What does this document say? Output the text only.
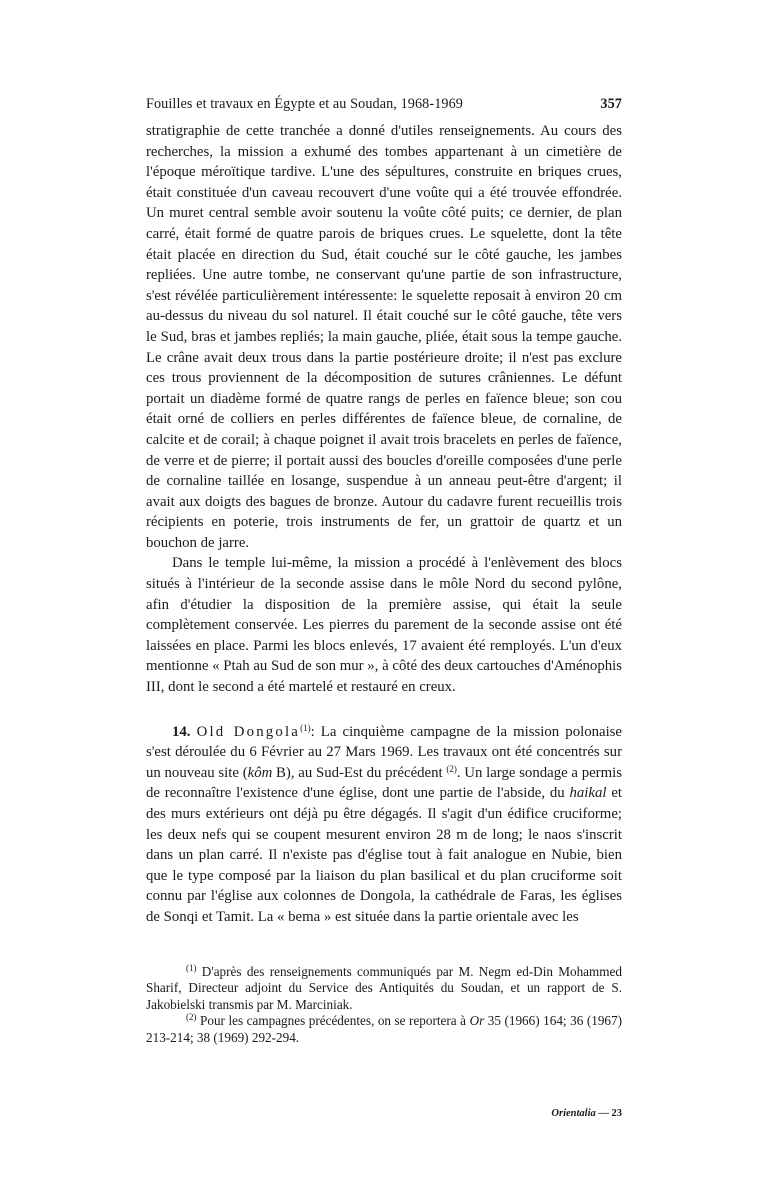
Fouilles et travaux en Égypte et au Soudan, 1968-1969	357

stratigraphie de cette tranchée a donné d'utiles renseignements. Au cours des recherches, la mission a exhumé des tombes appartenant à un cimetière de l'époque méroïtique tardive. L'une des sépultures, construite en briques crues, était constituée d'un caveau recouvert d'une voûte qui a été trouvée effondrée. Un muret central semble avoir soutenu la voûte côté puits; ce dernier, de plan carré, était formé de quatre parois de briques crues. Le squelette, dont la tête était placée en direction du Sud, était couché sur le côté gauche, les jambes repliées. Une autre tombe, ne conservant qu'une partie de son infrastructure, s'est révélée particulièrement intéressente: le squelette reposait à environ 20 cm au-dessus du niveau du sol naturel. Il était couché sur le côté gauche, tête vers le Sud, bras et jambes repliés; la main gauche, pliée, était sous la tempe gauche. Le crâne avait deux trous dans la partie postérieure droite; il n'est pas exclure ces trous proviennent de la décomposition de sutures crâniennes. Le défunt portait un diadème formé de quatre rangs de perles en faïence bleue; son cou était orné de colliers en perles différentes de faïence bleue, de cornaline, de calcite et de corail; à chaque poignet il avait trois bracelets en perles de faïence, de verre et de pierre; il portait aussi des boucles d'oreille composées d'une perle de cornaline taillée en losange, suspendue à un anneau peut-être d'argent; il avait aux doigts des bagues de bronze. Autour du cadavre furent recueillis trois récipients en poterie, trois instruments de fer, un grattoir de quartz et un bouchon de jarre.

Dans le temple lui-même, la mission a procédé à l'enlèvement des blocs situés à l'intérieur de la seconde assise dans le môle Nord du second pylône, afin d'étudier la disposition de la première assise, qui était la seule complètement conservée. Les pierres du parement de la seconde assise ont été laissées en place. Parmi les blocs enlevés, 17 avaient été remployés. L'un d'eux mentionne « Ptah au Sud de son mur », à côté des deux cartouches d'Aménophis III, dont le second a été martelé et restauré en creux.

14. Old Dongola$^{(1)}$: La cinquième campagne de la mission polonaise s'est déroulée du 6 Février au 27 Mars 1969. Les travaux ont été concentrés sur un nouveau site (kôm B), au Sud-Est du précédent $^{(2)}$. Un large sondage a permis de reconnaître l'existence d'une église, dont une partie de l'abside, du haikal et des murs extérieurs ont déjà pu être dégagés. Il s'agit d'un édifice cruciforme; les deux nefs qui se coupent mesurent environ 28 m de long; le naos s'inscrit dans un plan carré. Il n'existe pas d'église tout à fait analogue en Nubie, bien que le type composé par la liaison du plan basilical et du plan cruciforme soit connu par l'église aux colonnes de Dongola, la cathédrale de Faras, les églises de Sonqi et Tamit. La « bema » est située dans la partie orientale avec les

$^{(1)}$ D'après des renseignements communiqués par M. Negm ed-Din Mohammed Sharif, Directeur adjoint du Service des Antiquités du Soudan, et un rapport de S. Jakobielski transmis par M. Marciniak.

$^{(2)}$ Pour les campagnes précédentes, on se reportera à Or 35 (1966) 164; 36 (1967) 213-214; 38 (1969) 292-294.

Orientalia — 23
